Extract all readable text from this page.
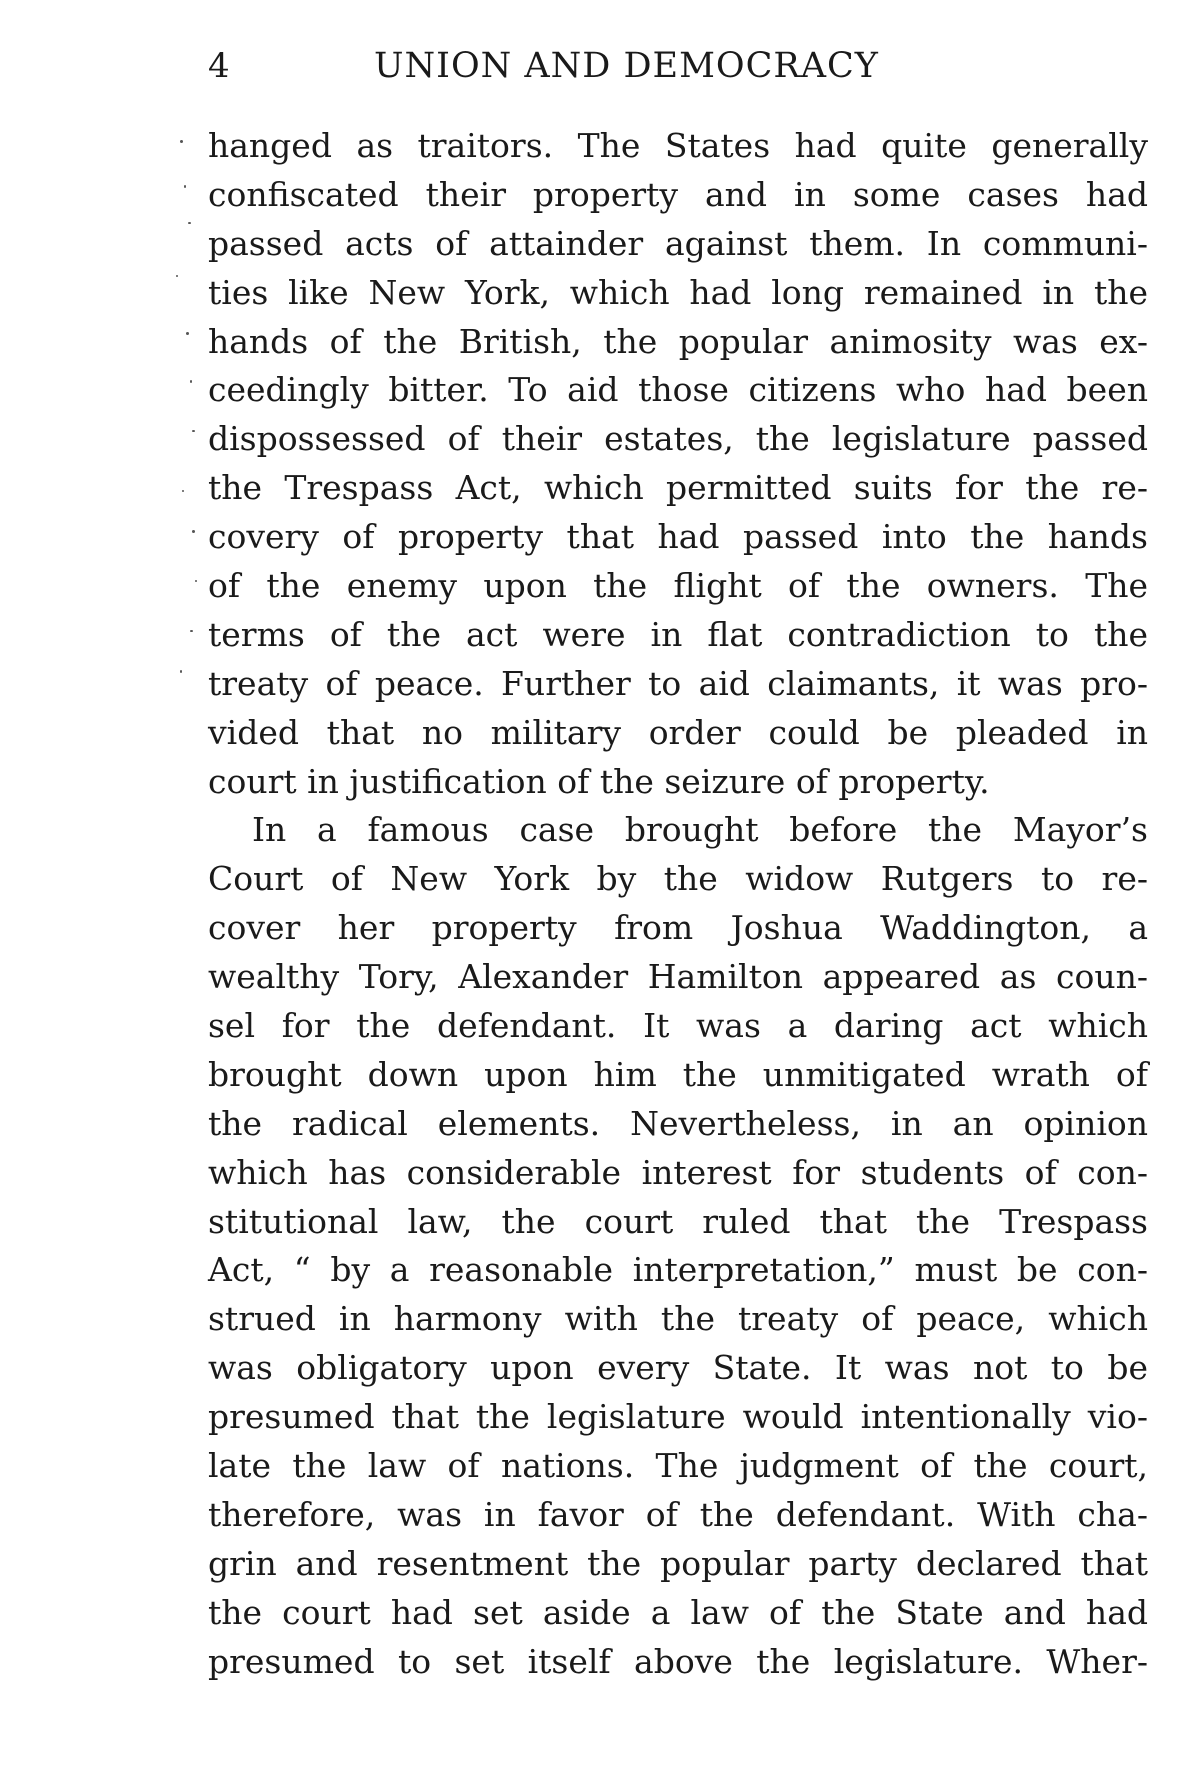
4	UNION AND DEMOCRACY
hanged as traitors. The States had quite generally
confiscated their property and in some cases had
passed acts of attainder against them. In communi-
ties like New York, which had long remained in the
hands of the British, the popular animosity was ex-
ceedingly bitter. To aid those citizens who had been
dispossessed of their estates, the legislature passed
the Trespass Act, which permitted suits for the re-
covery of property that had passed into the hands
of the enemy upon the flight of the owners. The
terms of the act were in flat contradiction to the
treaty of peace. Further to aid claimants, it was pro-
vided that no military order could be pleaded in
court in justification of the seizure of property.
In a famous case brought before the Mayor’s
Court of New York by the widow Rutgers to re-
cover her property from Joshua Waddington, a
wealthy Tory, Alexander Hamilton appeared as coun-
sel for the defendant. It was a daring act which
brought down upon him the unmitigated wrath of
the radical elements. Nevertheless, in an opinion
which has considerable interest for students of con-
stitutional law, the court ruled that the Trespass
Act, “ by a reasonable interpretation,” must be con-
strued in harmony with the treaty of peace, which
was obligatory upon every State. It was not to be
presumed that the legislature would intentionally vio-
late the law of nations. The judgment of the court,
therefore, was in favor of the defendant. With cha-
grin and resentment the popular party declared that
the court had set aside a law of the State and had
presumed to set itself above the legislature. Wher-
